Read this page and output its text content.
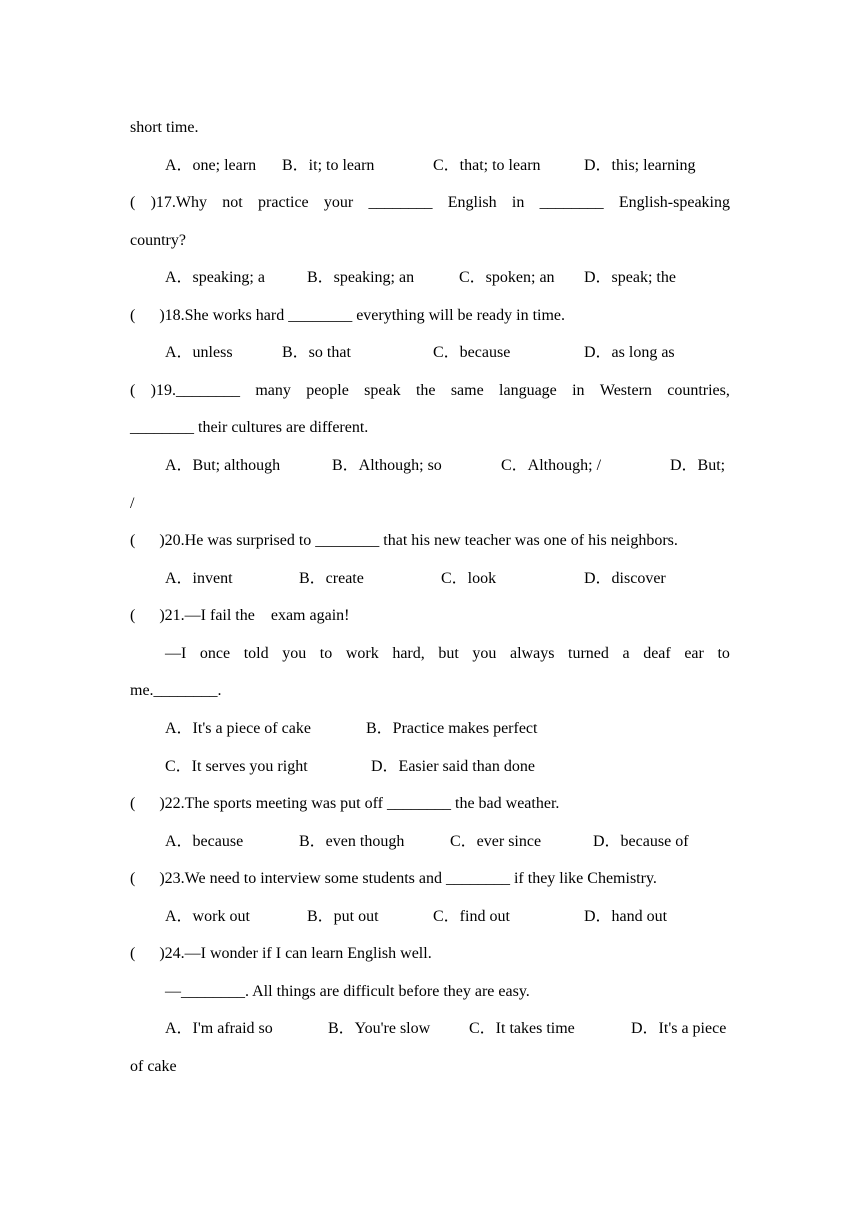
short time.
A．one; learn B．it; to learn	C．that; to learn	D．this; learning
( )17.Why not practice your ________ English in ________ English-speaking
country?
A．speaking; a	B．speaking; an	C．spoken; an D．speak; the
(      )18.She works hard ________ everything will be ready in time.
A．unless	B．so that	C．because	D．as long as
( )19.________ many people speak the same language in Western countries,
________ their cultures are different.
A．But; although	B．Although; so	C．Although; /	D．But;
/
(      )20.He was surprised to ________ that his new teacher was one of his neighbors.
A．invent	B．create	C．look	D．discover
(      )21.—I fail the    exam again!
—I once told you to work hard, but you always turned a deaf ear to
me.________.
A．It's a piece of cake	B．Practice makes perfect
C．It serves you right	D．Easier said than done
(      )22.The sports meeting was put off ________ the bad weather.
A．because	B．even though	C．ever since	D．because of
(      )23.We need to interview some students and ________ if they like Chemistry.
A．work out	B．put out	C．find out	D．hand out
(      )24.—I wonder if I can learn English well.
—________. All things are difficult before they are easy.
A．I'm afraid so	B．You're slow C．It takes time	D．It's a piece
of cake
